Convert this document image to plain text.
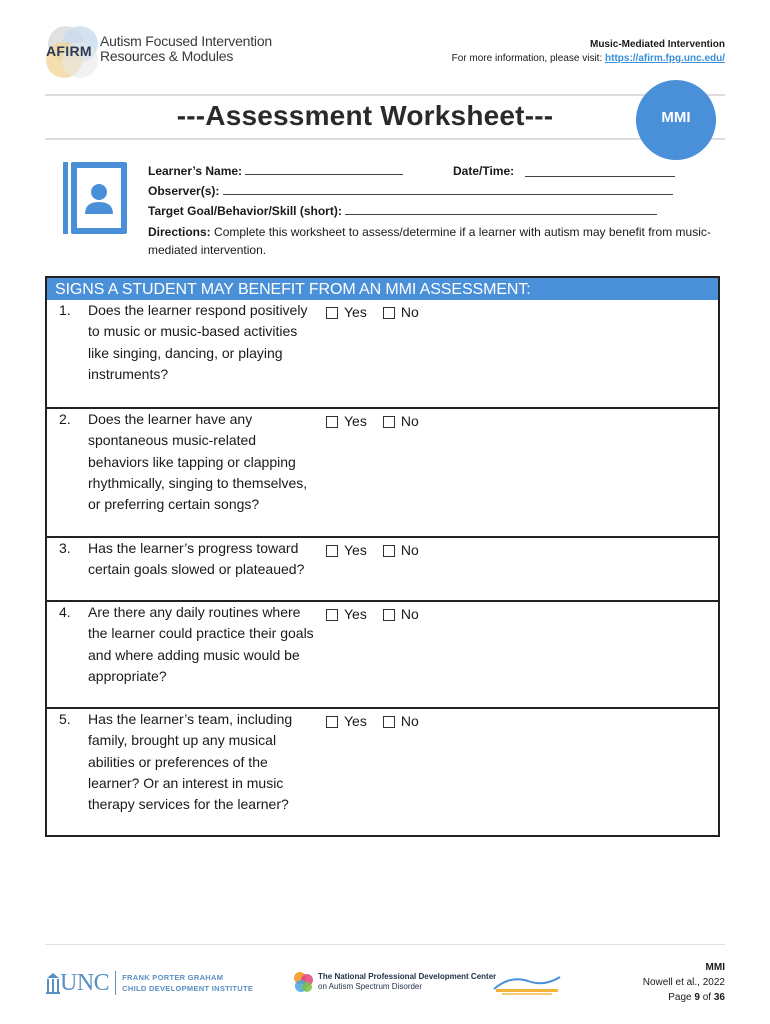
AFIRM
Autism Focused Intervention
Resources & Modules
Music-Mediated Intervention
For more information, please visit: https://afirm.fpg.unc.edu/
---Assessment Worksheet---	MMI
Learner’s Name:	Date/Time:
Observer(s):
Target Goal/Behavior/Skill (short):
Directions: Complete this worksheet to assess/determine if a learner with autism may benefit from music-mediated intervention.
SIGNS A STUDENT MAY BENEFIT FROM AN MMI ASSESSMENT:
1. Does the learner respond positively to music or music-based activities like singing, dancing, or playing instruments?
Yes No
2. Does the learner have any spontaneous music-related behaviors like tapping or clapping rhythmically, singing to themselves, or preferring certain songs?
Yes No
3. Has the learner’s progress toward certain goals slowed or plateaued?
Yes No
4. Are there any daily routines where the learner could practice their goals and where adding music would be appropriate?
Yes No
5. Has the learner’s team, including family, brought up any musical abilities or preferences of the learner? Or an interest in music therapy services for the learner?
Yes No
UNC FRANK PORTER GRAHAM
CHILD DEVELOPMENT INSTITUTE
The National Professional Development Center
on Autism Spectrum Disorder
MMI
Nowell et al., 2022
Page 9 of 36
